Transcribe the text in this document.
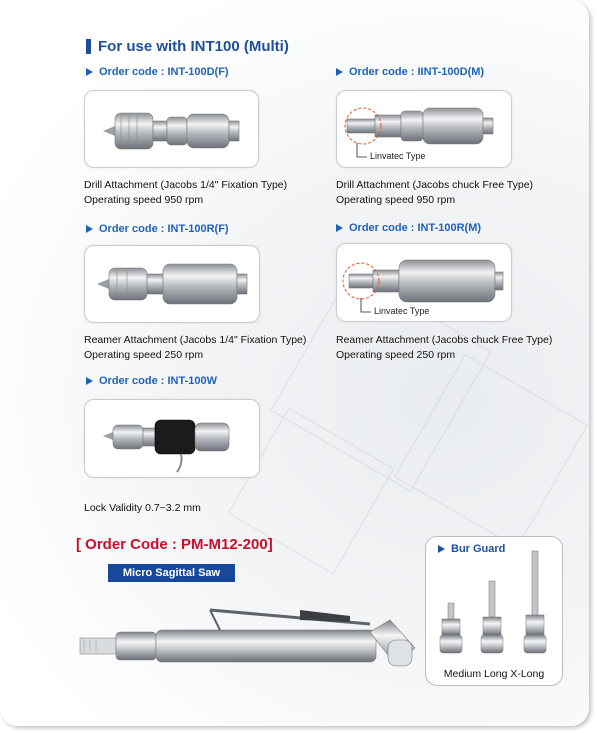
For use with INT100 (Multi)
Order code : INT-100D(F)
Drill Attachment (Jacobs 1/4" Fixation Type)
Operating speed 950 rpm
Order code : IINT-100D(M)
Linvatec Type
Drill Attachment (Jacobs chuck Free Type)
Operating speed 950 rpm
Order code : INT-100R(F)
Reamer Attachment (Jacobs 1/4" Fixation Type)
Operating speed 250 rpm
Order code : INT-100R(M)
Linvatec Type
Reamer Attachment (Jacobs chuck Free Type)
Operating speed 250 rpm
Order code : INT-100W
Lock Validity 0.7~3.2 mm
[ Order Code : PM-M12-200]
Micro Sagittal Saw
Bur Guard
Medium Long X-Long
